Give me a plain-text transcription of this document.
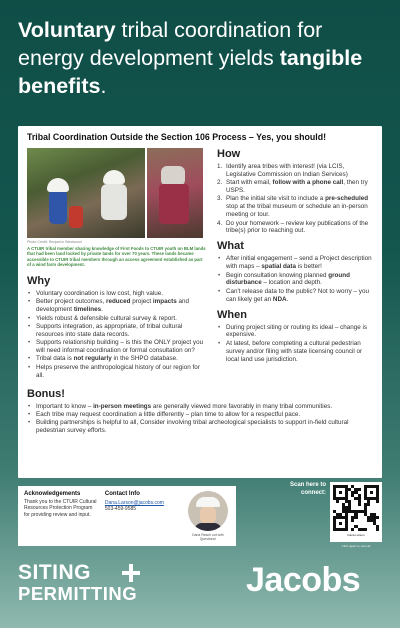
Voluntary tribal coordination for energy development yields tangible benefits.
Tribal Coordination Outside the Section 106 Process – Yes, you should!
Photo Credit: Benjamin Westwood
A CTUIR tribal member sharing knowledge of First Foods to CTUIR youth on BLM lands that had been land locked by private lands for over 70 years. These lands became accessible to CTUIR tribal members through an access agreement established as part of a wind farm development.
Why
• Voluntary coordination is low cost, high value.
• Better project outcomes, reduced project impacts and development timelines.
• Yields robust & defensible cultural survey & report.
• Supports integration, as appropriate, of tribal cultural resources into state data records.
• Supports relationship building – is this the ONLY project you will need informal coordination or formal consultation on?
• Tribal data is not regularly in the SHPO database.
• Helps preserve the anthropological history of our region for all.
How
1. Identify area tribes with interest! (via LCIS, Legislative Commission on Indian Services)
2. Start with email, follow with a phone call, then try USPS.
3. Plan the initial site visit to include a pre-scheduled stop at the tribal museum or schedule an in-person meeting or tour.
4. Do your homework – review key publications of the tribe(s) prior to reaching out.
What
• After initial engagement – send a Project description with maps – spatial data is better!
• Begin consultation knowing planned ground disturbance – location and depth.
• Can't release data to the public? Not to worry – you can likely get an NDA.
When
• During project siting or routing its ideal – change is expensive.
• At latest, before completing a cultural pedestrian survey and/or filing with state licensing council or local land use jurisdiction.
Bonus!
• Important to know – in-person meetings are generally viewed more favorably in many tribal communities.
• Each tribe may request coordination a little differently – plan time to allow for a respectful pace.
• Building partnerships is helpful to all, Consider involving tribal archeological specialists to support in-field cultural pedestrian survey efforts.
Acknowledgements
Thank you to the CTUIR Cultural Resources Protection Program for providing review and input.
Contact Info
Dana.Larson@jacobs.com
503-459-9585
Dana Reach out with Questions!
Scan here to connect:
Dana Larson
Click again to view all
SITING
PERMITTING	Jacobs
